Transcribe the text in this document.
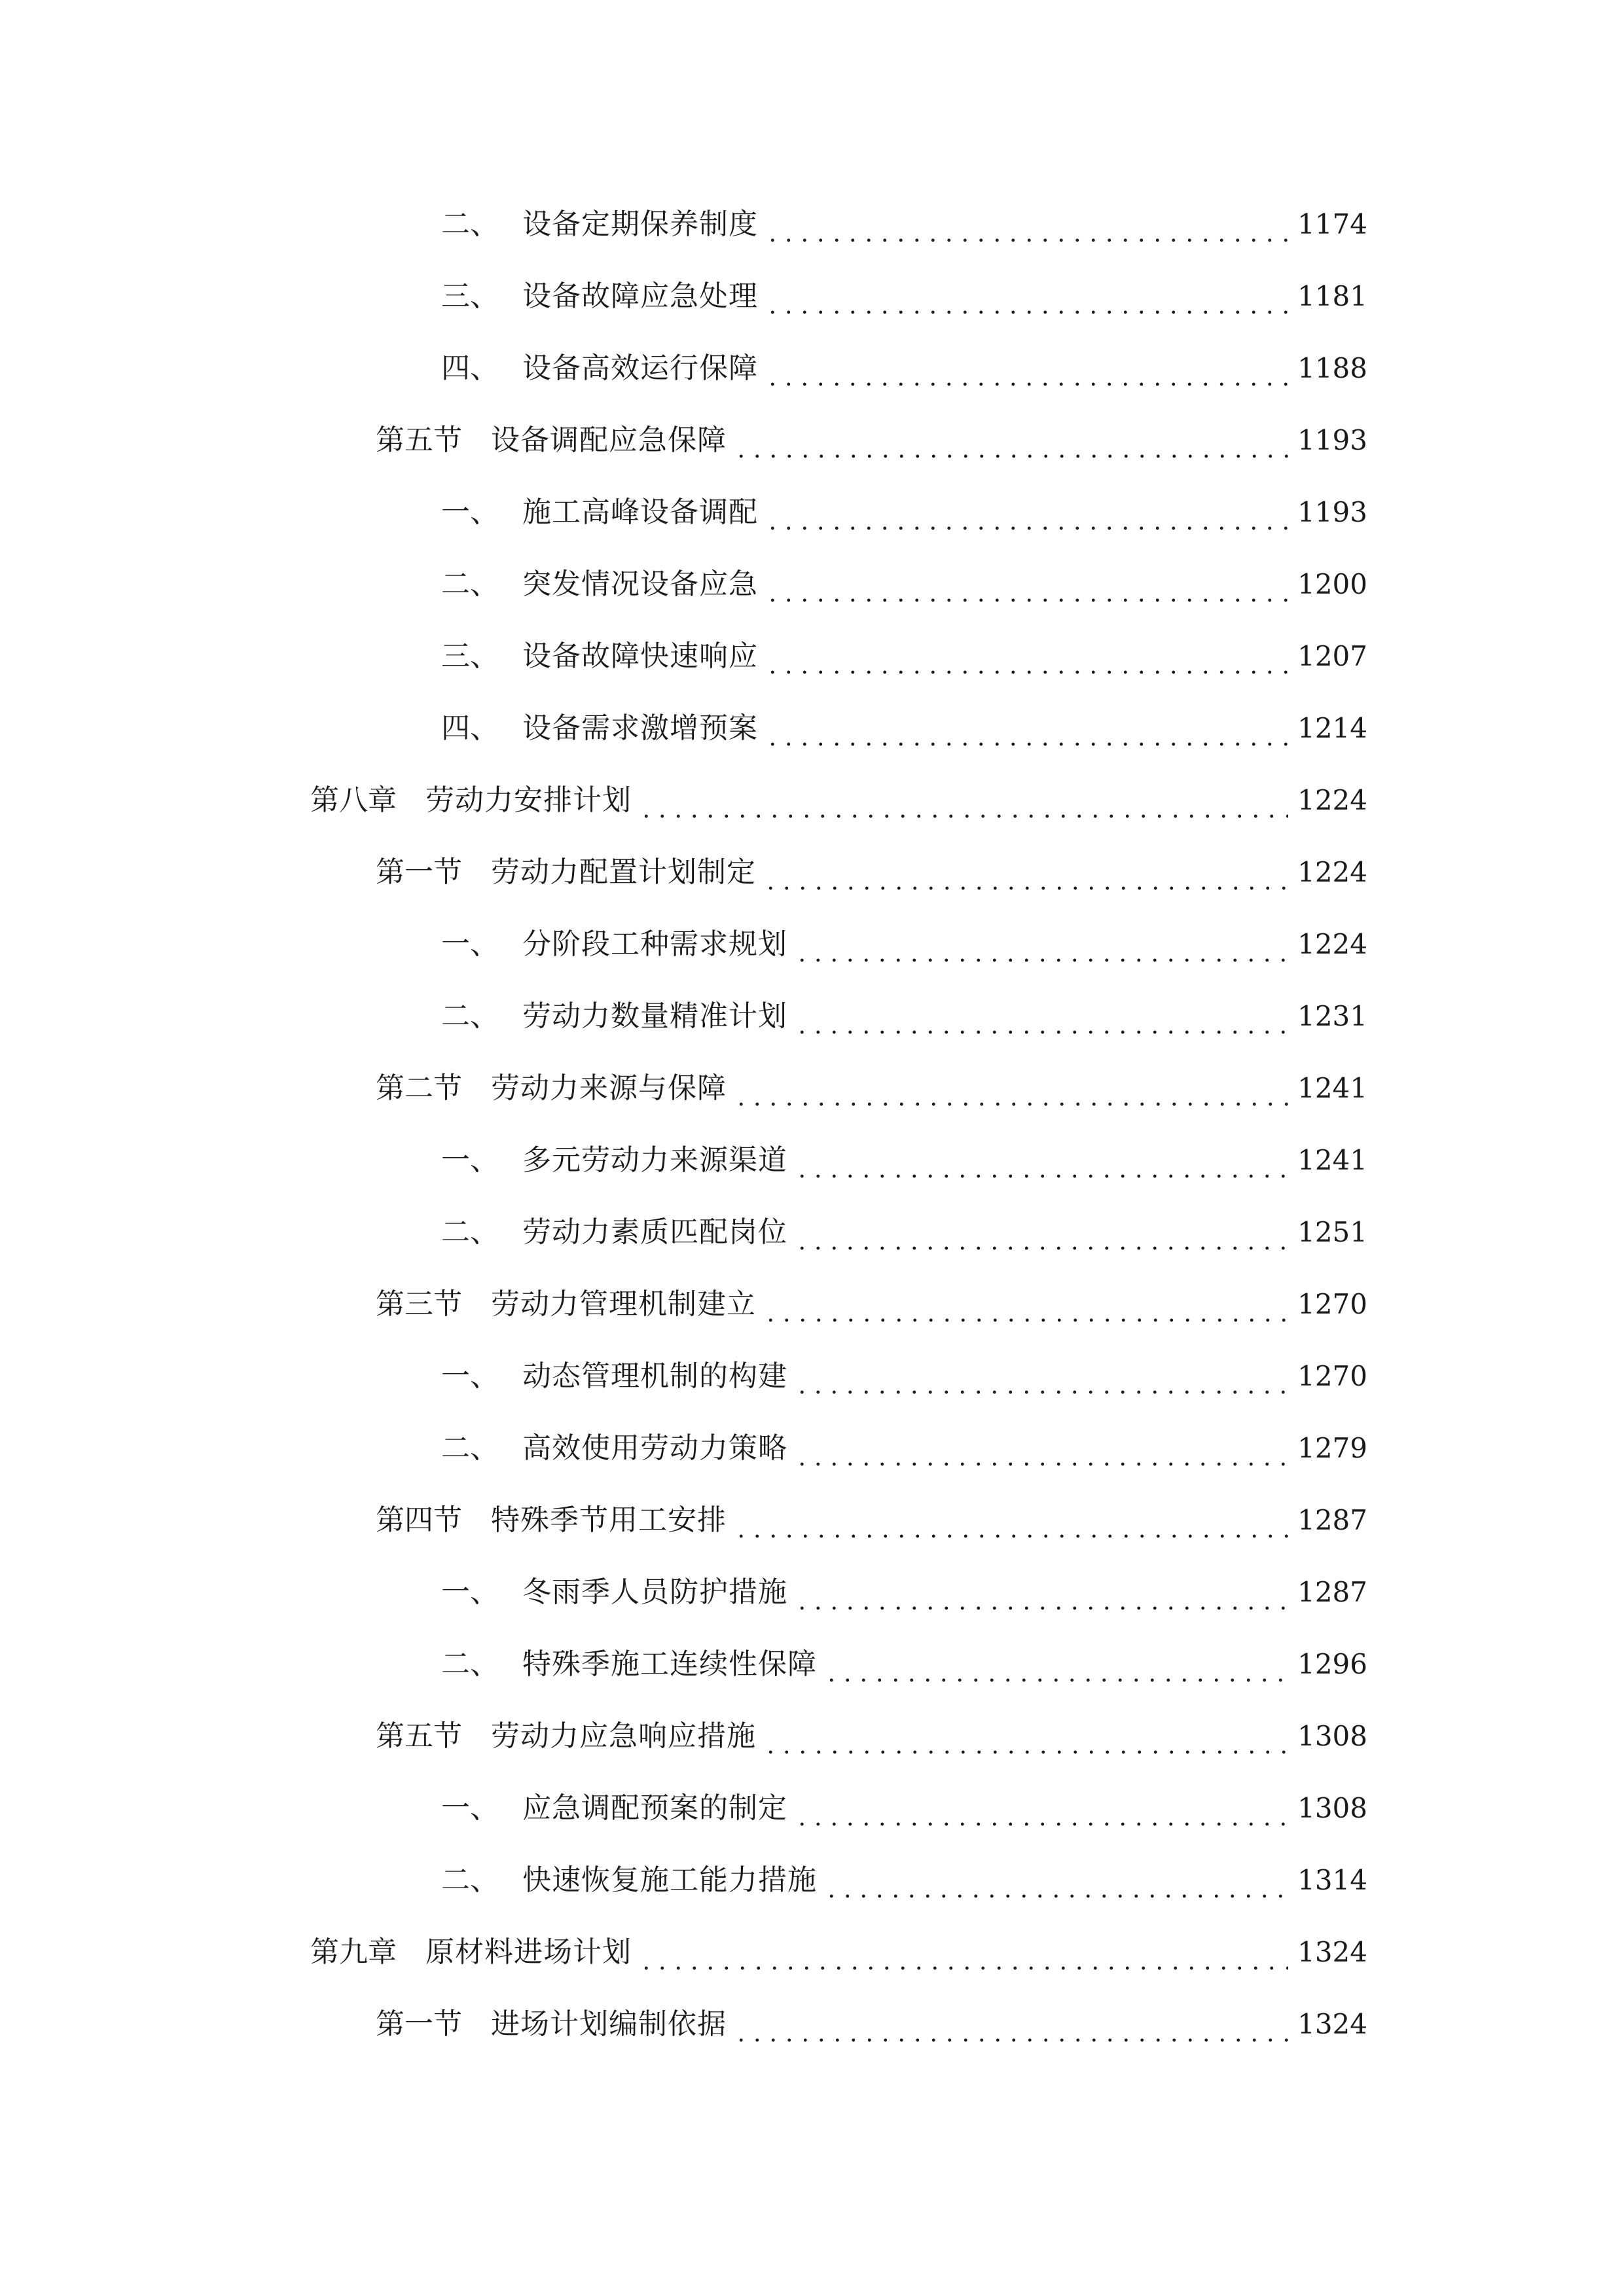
二、 设备定期保养制度	1174
三、 设备故障应急处理	1181
四、 设备高效运行保障	1188
第五节	设备调配应急保障	1193
一、 施工高峰设备调配	1193
二、 突发情况设备应急	1200
三、 设备故障快速响应	1207
四、 设备需求激增预案	1214
第八章	劳动力安排计划	1224
第一节	劳动力配置计划制定	1224
一、 分阶段工种需求规划	1224
二、 劳动力数量精准计划	1231
第二节	劳动力来源与保障	1241
一、 多元劳动力来源渠道	1241
二、 劳动力素质匹配岗位	1251
第三节	劳动力管理机制建立	1270
一、 动态管理机制的构建	1270
二、 高效使用劳动力策略	1279
第四节	特殊季节用工安排	1287
一、 冬雨季人员防护措施	1287
二、 特殊季施工连续性保障	1296
第五节	劳动力应急响应措施	1308
一、 应急调配预案的制定	1308
二、 快速恢复施工能力措施	1314
第九章	原材料进场计划	1324
第一节	进场计划编制依据	1324
